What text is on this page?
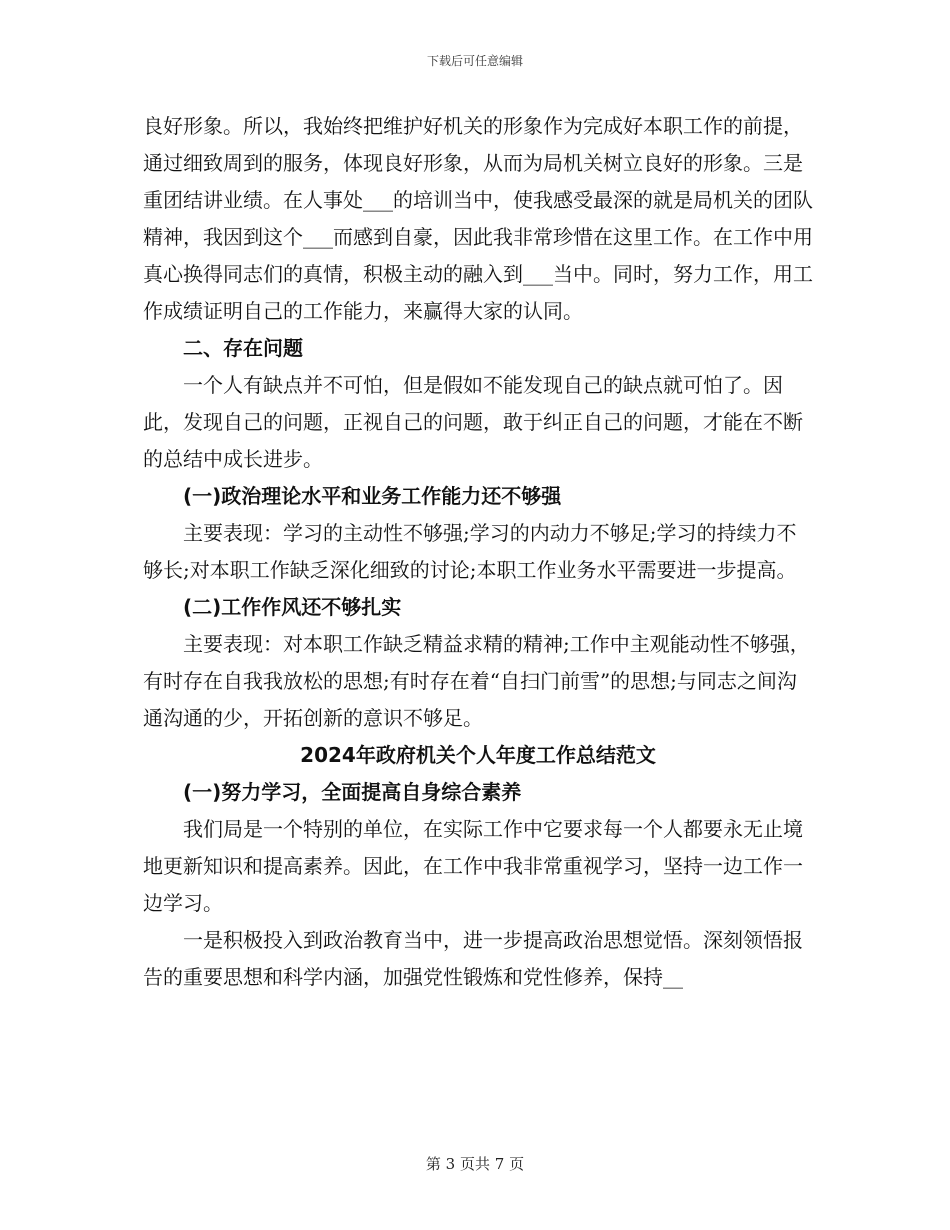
下载后可任意编辑

良好形象。所以，我始终把维护好机关的形象作为完成好本职工作的前提，通过细致周到的服务，体现良好形象，从而为局机关树立良好的形象。三是重团结讲业绩。在人事处___的培训当中，使我感受最深的就是局机关的团队精神，我因到这个___而感到自豪，因此我非常珍惜在这里工作。在工作中用真心换得同志们的真情，积极主动的融入到___当中。同时，努力工作，用工作成绩证明自己的工作能力，来赢得大家的认同。

二、存在问题

一个人有缺点并不可怕，但是假如不能发现自己的缺点就可怕了。因此，发现自己的问题，正视自己的问题，敢于纠正自己的问题，才能在不断的总结中成长进步。

(一)政治理论水平和业务工作能力还不够强

主要表现：学习的主动性不够强;学习的内动力不够足;学习的持续力不够长;对本职工作缺乏深化细致的讨论;本职工作业务水平需要进一步提高。

(二)工作作风还不够扎实

主要表现：对本职工作缺乏精益求精的精神;工作中主观能动性不够强，有时存在自我我放松的思想;有时存在着“自扫门前雪”的思想;与同志之间沟通沟通的少，开拓创新的意识不够足。

2024年政府机关个人年度工作总结范文

(一)努力学习，全面提高自身综合素养

我们局是一个特别的单位，在实际工作中它要求每一个人都要永无止境地更新知识和提高素养。因此，在工作中我非常重视学习，坚持一边工作一边学习。

一是积极投入到政治教育当中，进一步提高政治思想觉悟。深刻领悟报告的重要思想和科学内涵，加强党性锻炼和党性修养，保持__

第 3 页共 7 页
